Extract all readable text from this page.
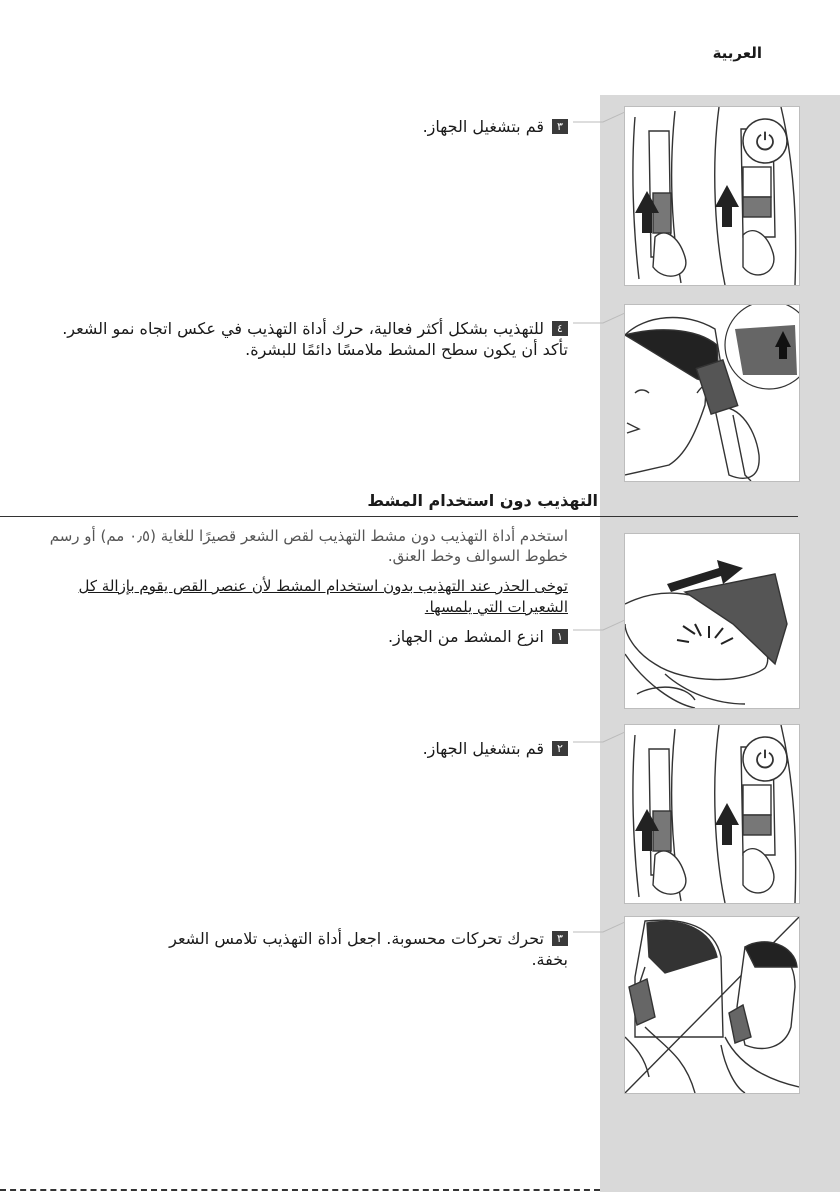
العربية
٣قم بتشغيل الجهاز.
⏻
٤للتهذيب بشكل أكثر فعالية، حرك أداة التهذيب في عكس اتجاه نمو الشعر. تأكد أن يكون سطح المشط ملامسًا دائمًا للبشرة.
التهذيب دون استخدام المشط
استخدم أداة التهذيب دون مشط التهذيب لقص الشعر قصيرًا للغاية (٠٫٥ مم) أو رسم خطوط السوالف وخط العنق.
توخى الحذر عند التهذيب بدون استخدام المشط لأن عنصر القص يقوم بإزالة كل الشعيرات التي يلمسها.
١انزع المشط من الجهاز.
٢قم بتشغيل الجهاز.	⏻
٣تحرك تحركات محسوبة. اجعل أداة التهذيب تلامس الشعر بخفة.
